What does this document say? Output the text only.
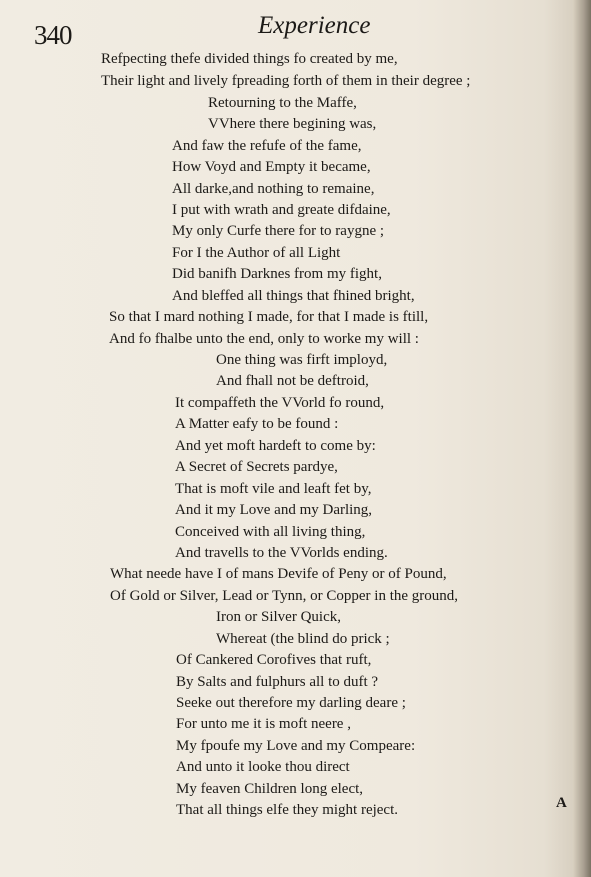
340	Experience
Refpecting thefe divided things fo created by me,
Their light and lively fpreading forth of them in their degree ;
Retourning to the Maffe,
VVhere there begining was,
And faw the refufe of the fame,
How Voyd and Empty it became,
All darke,and nothing to remaine,
I put with wrath and greate difdaine,
My only Curfe there for to raygne ;
For I the Author of all Light
Did banifh Darknes from my fight,
And bleffed all things that fhined bright,
So that I mard nothing I made, for that I made is ftill,
And fo fhalbe unto the end, only to worke my will :
One thing was firft imployd,
And fhall not be deftroid,
It compaffeth the VVorld fo round,
A Matter eafy to be found :
And yet moft hardeft to come by:
A Secret of Secrets pardye,
That is moft vile and leaft fet by,
And it my Love and my Darling,
Conceived with all living thing,
And travells to the VVorlds ending.
What neede have I of mans Devife of Peny or of Pound,
Of Gold or Silver, Lead or Tynn, or Copper in the ground,
Iron or Silver Quick,
Whereat (the blind do prick ;
Of Cankered Corofives that ruft,
By Salts and fulphurs all to duft ?
Seeke out therefore my darling deare ;
For unto me it is moft neere ,
My fpoufe my Love and my Compeare:
And unto it looke thou direct
My feaven Children long elect,
That all things elfe they might reject.	A
